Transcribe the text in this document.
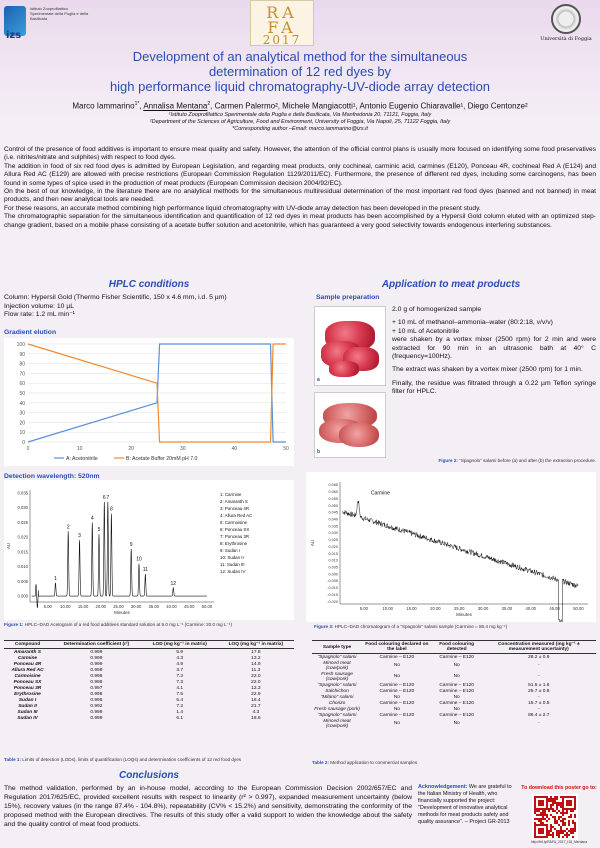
izs
Istituto Zooprofilattico Sperimentale della Puglia e della Basilicata	RA
FA
2017	Università di Foggia
Development of an analytical method for the simultaneous
determination of 12 red dyes by
high performance liquid chromatography-UV-diode array detection
Marco Iammarino$^{1*}$, Annalisa Mentana$^2$, Carmen Palermo², Michele Mangiacotti¹, Antonio Eugenio Chiaravalle¹, Diego Centonze²
¹Istituto Zooprofilattico Sperimentale della Puglia e della Basilicata, Via Manfredonia 20, 71121, Foggia, Italy
²Department of the Sciences of Agriculture, Food and Environment, University of Foggia, Via Napoli, 25, 71122 Foggia, Italy
*Corresponding author –Email: marco.iammarino@izs.it

Control of the presence of food additives is important to ensure meat quality and safety. However, the attention of the official control plans is usually more focused on identifying some food preservatives (i.e. nitrites/nitrate and sulphites) with respect to food dyes.

The addition in food of six red food dyes is admitted by European Legislation, and regarding meat products, only cochineal, carminic acid, carmines (E120), Ponceau 4R, cochineal Red A (E124) and Allura Red AC (E129) are allowed with precise restrictions (European Commission Regulation 1129/2011/EC). Furthermore, the presence of different red dyes, including some carcinogens, has been found in some types of spice used in the production of meat products (European Commission decision 2004/92/EC).

On the best of our knowledge, in the literature there are no analytical methods for the simultaneous multiresidual determination of the most important red food dyes (banned and not banned) in meat products, and then new analytical tools are needed.

For these reasons, an accurate method combining high performance liquid chromatography with UV-diode array detection has been developed in the present study.

The chromatographic separation for the simultaneous identification and quantification of 12 red dyes in meat products has been accomplished by a Hypersil Gold column eluted with an optimized step-change gradient, based on a mobile phase consisting of a acetate buffer solution and acetonitrile, which has guaranteed a very good selectivity towards endogenous interfering substances.

HPLC conditions
Column: Hypersil Gold (Thermo Fisher Scientific, 150 x 4.6 mm, i.d. 5 µm)
Injection volume: 10 µL
Flow rate: 1.2 mL min⁻¹
Gradient elution
0
10
20
30
40
50
60
70
80
90
100
0	10	20	30	40	50
A: Acetonitrile	B: Acetate Buffer 20mM pH 7.0
Detection wavelength: 520nm
0.000
0.005
0.010
0.015
0.020
0.025
0.030
0.035
5.00 10.00 15.00 20.00 25.00 30.00 35.00 40.00 45.00 50.00
Minutes
AU
1
2
3
4
5
6 7
8
9
10
11
12
1: Carmine
2: Amaranth S
3: Ponceau 4R
4: Allura Red AC
5: Carmoisine
6: Ponceau SX
7: Ponceau 3R
8: Erythrosine
9: Sudan I
10: Sudan II
11: Sudan III
12: Sudan IV
Figure 1: HPLC–DAD Acetogram of a red food additives standard solution at 5.0 mg L⁻¹ (Carmine: 20.0 mg L⁻¹)
Compound	Determination coefficient (r²)	LOD (mg kg⁻¹ in matrix)	LOQ (mg kg⁻¹ in matrix)
Amaranth S	0.999	5.9	17.8
Carmine	0.999	4.3	13.2
Ponceau 4R	0.999	4.9	14.9
Allura Red AC	0.998	3.7	11.3
Carmoisine	0.998	7.3	22.0
Ponceau SX	0.998	7.3	22.0
Ponceau 3R	0.997	4.1	12.3
Erythrosine	0.998	7.5	22.9
Sudan I	0.995	5.4	16.4
Sudan II	0.992	7.2	21.7
Sudan III	0.999	1.4	4.3
Sudan IV	0.999	6.1	18.6
Table 1: Limits of detection (LODs), limits of quantification (LOQs) and determination coefficients of 12 red food dyes
Application to meat products
Sample preparation
a
b

2.0 g of homogenized sample

+ 10 mL of methanol–ammonia–water (80:2:18, v/v/v)
+ 10 mL of Acetonitrile

were shaken by a vortex mixer (2500 rpm) for 2 min and were extracted for 90 min in an ultrasonic bath at 40° C (frequency=100Hz).

The extract was shaken by a vortex mixer (2500 rpm) for 1 min.

Finally, the residue was filtrated through a 0.22 µm Teflon syringe filter for HPLC.

Figure 2: "Spagnolo" salami before (a) and after (b) the extraction procedure.
-0.020
-0.015
-0.010
-0.005
0.000
0.005
0.010
0.015
0.020
0.025
0.030
0.035
0.040
0.045
0.050
0.055
0.060
0.065
5.00	10.00	15.00	20.00	25.00	30.00	35.00	40.00	45.00	50.00
Minutes
AU
Carmine
Figure 3: HPLC–DAD chromatogram of a "Spagnolo" salami sample (Carmine = 86.4 mg kg⁻¹)
Sample type	Food colouring declared on the label	Food colouring detected	Concentration measured (mg kg⁻¹ ± measurement uncertainty)
"Spagnolo" salami	Carmine – E120	Carmine – E120	28.2 ± 0.9
Minced meat (cow/pork)	No	No	-
Fresh sausage (cow/pork)	No	No	-
"Spagnolo" salami	Carmine – E120	Carmine – E120	51.5 ± 1.6
Salchichon	Carmine – E120	Carmine – E120	25.7 ± 0.8
"Milano" salami	No	No	-
Chorizo	Carmine – E120	Carmine – E120	15.7 ± 0.5
Fresh sausage (pork)	No	No	-
"Spagnolo" salami	Carmine – E120	Carmine – E120	86.4 ± 2.7
Minced meat (cow/pork)	No	No	-
Table 2: Method application to commercial samples
Conclusions
The method validation, performed by an in-house model, according to the European Commission Decision 2002/657/EC and Regulation 2017/625/EC, provided excellent results with respect to linearity (r² > 0.997), expanded measurement uncertainty (below 15%), recovery values (in the range 87.4% - 104.8%), repeatability (CV% < 15.2%) and sensitivity, demonstrating the conformity of the proposed method with the European directives. The results of this study offer a valid support to widen the knowledge about the safety and the quality control of meat food products.
Acknowledgement: We are grateful to the Italian Ministry of Health, who financially supported the project: "Development of innovative analytical methods for meat products safety and quality assurance". – Project GR-2013
To download this poster go to:
http://bit.ly/RAFA_2017_I16_Mentana
